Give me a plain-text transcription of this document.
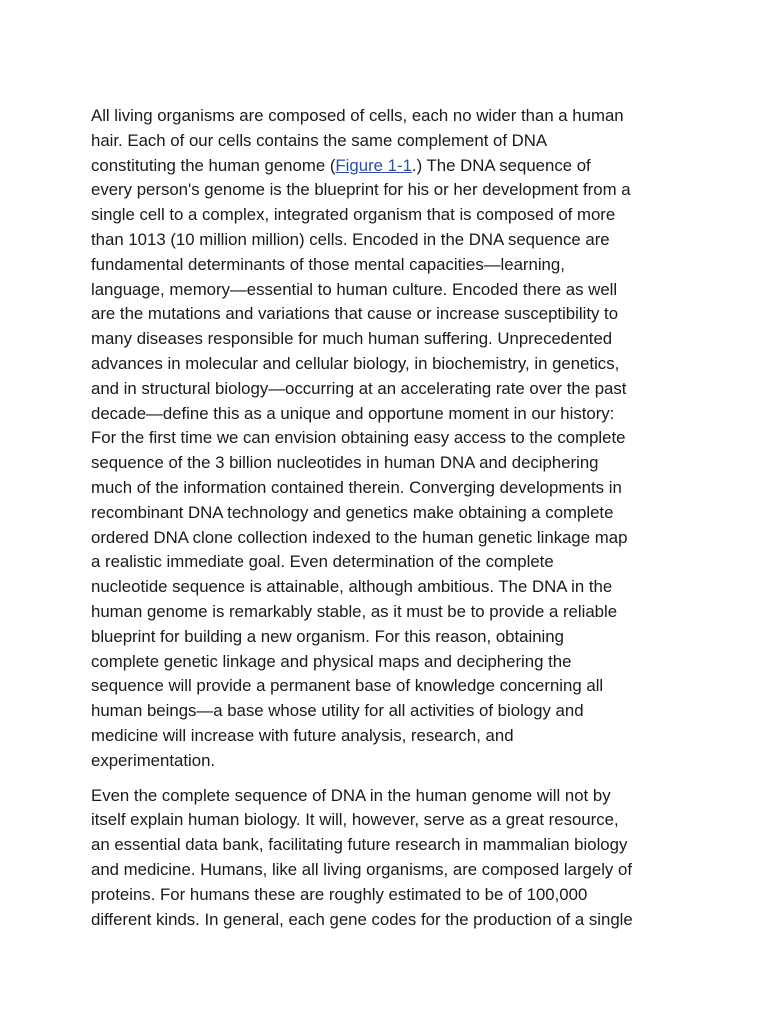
All living organisms are composed of cells, each no wider than a human
hair. Each of our cells contains the same complement of DNA
constituting the human genome (Figure 1-1.) The DNA sequence of
every person's genome is the blueprint for his or her development from a
single cell to a complex, integrated organism that is composed of more
than 1013 (10 million million) cells. Encoded in the DNA sequence are
fundamental determinants of those mental capacities—learning,
language, memory—essential to human culture. Encoded there as well
are the mutations and variations that cause or increase susceptibility to
many diseases responsible for much human suffering. Unprecedented
advances in molecular and cellular biology, in biochemistry, in genetics,
and in structural biology—occurring at an accelerating rate over the past
decade—define this as a unique and opportune moment in our history:
For the first time we can envision obtaining easy access to the complete
sequence of the 3 billion nucleotides in human DNA and deciphering
much of the information contained therein. Converging developments in
recombinant DNA technology and genetics make obtaining a complete
ordered DNA clone collection indexed to the human genetic linkage map
a realistic immediate goal. Even determination of the complete
nucleotide sequence is attainable, although ambitious. The DNA in the
human genome is remarkably stable, as it must be to provide a reliable
blueprint for building a new organism. For this reason, obtaining
complete genetic linkage and physical maps and deciphering the
sequence will provide a permanent base of knowledge concerning all
human beings—a base whose utility for all activities of biology and
medicine will increase with future analysis, research, and
experimentation.

Even the complete sequence of DNA in the human genome will not by
itself explain human biology. It will, however, serve as a great resource,
an essential data bank, facilitating future research in mammalian biology
and medicine. Humans, like all living organisms, are composed largely of
proteins. For humans these are roughly estimated to be of 100,000
different kinds. In general, each gene codes for the production of a single
